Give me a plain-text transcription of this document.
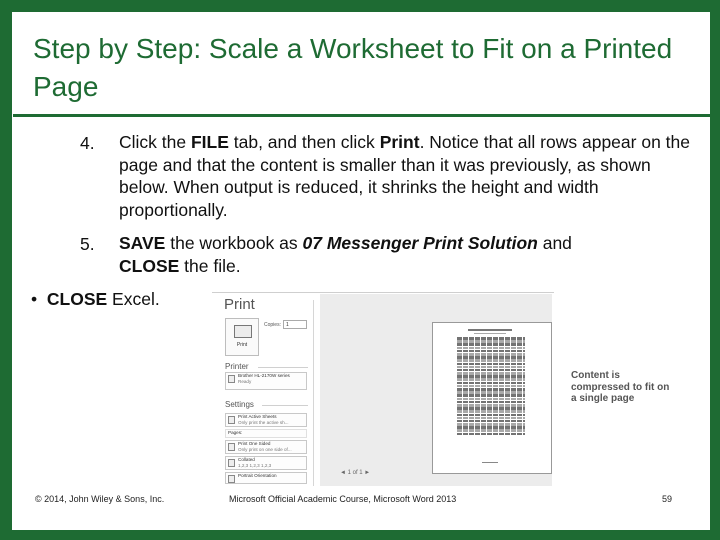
Step by Step: Scale a Worksheet to Fit on a Printed Page
4. Click the FILE tab, and then click Print. Notice that all rows appear on the page and that the content is smaller than it was previously, as shown below. When output is reduced, it shrinks the height and width proportionally.
5. SAVE the workbook as 07 Messenger Print Solution and
CLOSE the file.
• CLOSE Excel.	Print
Print
Copies:	1
Printer
Brother HL-2170W series
Ready
Settings
Print Active Sheets
Only print the active sh...
Pages:
Print One Sided
Only print on one side of...
Collated
1,2,3 1,2,3 1,2,3
Portrait Orientation	◄ 1 of 1 ►
Content is compressed to fit on a single page
© 2014, John Wiley & Sons, Inc.	Microsoft Official Academic Course, Microsoft Word 2013	59
